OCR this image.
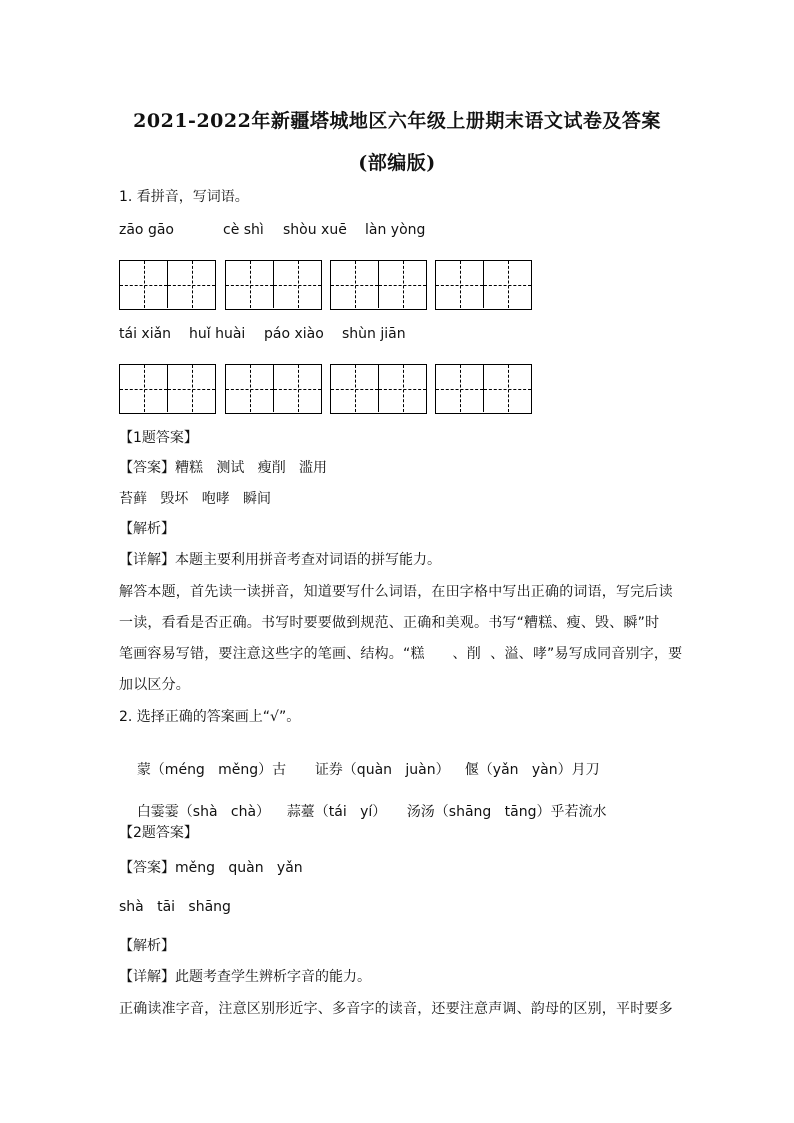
2021-2022年新疆塔城地区六年级上册期末语文试卷及答案
(部编版)

1. 看拼音，写词语。

zāo gāo	cè shì shòu xuē làn yòng
tái xiǎn huǐ huài páo xiào shùn jiān

【1题答案】

【答案】糟糕   测试   瘦削   滥用

苔藓   毁坏   咆哮   瞬间

【解析】

【详解】本题主要利用拼音考查对词语的拼写能力。

解答本题，首先读一读拼音，知道要写什么词语，在田字格中写出正确的词语，写完后读

一读，看看是否正确。书写时要要做到规范、正确和美观。书写“糟糕、瘦、毁、瞬”时

笔画容易写错，要注意这些字的笔画、结构。“糕      、削  、溢、哮”易写成同音别字，要

加以区分。

2. 选择正确的答案画上“√”。

蒙（méng   měng）古 证券（quàn   juàn） 偃（yǎn   yàn）月刀

白霎霎（shà   chà） 蒜薹（tái   yí） 汤汤（shāng   tāng）乎若流水

【2题答案】

【答案】měng   quàn   yǎn

shà   tāi   shāng

【解析】

【详解】此题考查学生辨析字音的能力。

正确读准字音，注意区别形近字、多音字的读音，还要注意声调、韵母的区别，平时要多
